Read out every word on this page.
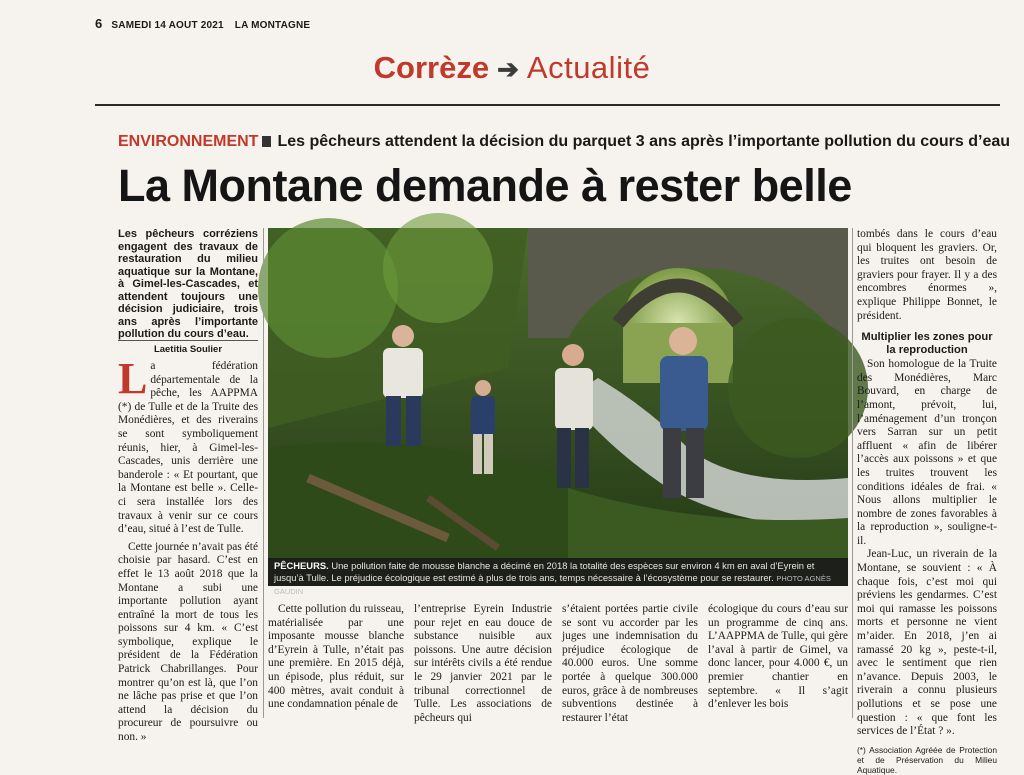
6 SAMEDI 14 AOUT 2021 LA MONTAGNE
Corrèze ➔ Actualité
ENVIRONNEMENT Les pêcheurs attendent la décision du parquet 3 ans après l’importante pollution du cours d’eau
La Montane demande à rester belle
Les pêcheurs corréziens engagent des travaux de restauration du milieu aquatique sur la Montane, à Gimel-les-Cascades, et attendent toujours une décision judiciaire, trois ans après l’importante pollution du cours d’eau.
Laetitia Soulier

La fédération départementale de la pêche, les AAPPMA (*) de Tulle et de la Truite des Monédières, et des riverains se sont symboliquement réunis, hier, à Gimel-les-Cascades, unis derrière une banderole : « Et pourtant, que la Montane est belle ». Celle-ci sera installée lors des travaux à venir sur ce cours d’eau, situé à l’est de Tulle.

Cette journée n’avait pas été choisie par hasard. C’est en effet le 13 août 2018 que la Montane a subi une importante pollution ayant entraîné la mort de tous les poissons sur 4 km. « C’est symbolique, explique le président de la Fédération Patrick Chabrillanges. Pour montrer qu’on est là, que l’on ne lâche pas prise et que l’on attend la décision du procureur de poursuivre ou non. »

PÊCHEURS. Une pollution faite de mousse blanche a décimé en 2018 la totalité des espèces sur environ 4 km en aval d’Eyrein et jusqu’à Tulle. Le préjudice écologique est estimé à plus de trois ans, temps nécessaire à l’écosystème pour se restaurer. PHOTO AGNÈS GAUDIN

Cette pollution du ruisseau, matérialisée par une imposante mousse blanche d’Eyrein à Tulle, n’était pas une première. En 2015 déjà, un épisode, plus réduit, sur 400 mètres, avait conduit à une condamnation pénale de

l’entreprise Eyrein Industrie pour rejet en eau douce de substance nuisible aux poissons. Une autre décision sur intérêts civils a été rendue le 29 janvier 2021 par le tribunal correctionnel de Tulle. Les associations de pêcheurs qui

s’étaient portées partie civile se sont vu accorder par les juges une indemnisation du préjudice écologique de 40.000 euros. Une somme portée à quelque 300.000 euros, grâce à de nombreuses subventions destinée à restaurer l’état

écologique du cours d’eau sur un programme de cinq ans. L’AAPPMA de Tulle, qui gère l’aval à partir de Gimel, va donc lancer, pour 4.000 €, un premier chantier en septembre. « Il s’agit d’enlever les bois

tombés dans le cours d’eau qui bloquent les graviers. Or, les truites ont besoin de graviers pour frayer. Il y a des encombres énormes », explique Philippe Bonnet, le président.

Multiplier les zones pour la reproduction

Son homologue de la Truite des Monédières, Marc Bouvard, en charge de l’amont, prévoit, lui, l’aménagement d’un tronçon vers Sarran sur un petit affluent « afin de libérer l’accès aux poissons » et que les truites trouvent les conditions idéales de frai. « Nous allons multiplier le nombre de zones favorables à la reproduction », souligne-t-il.

Jean-Luc, un riverain de la Montane, se souvient : « À chaque fois, c’est moi qui préviens les gendarmes. C’est moi qui ramasse les poissons morts et personne ne vient m’aider. En 2018, j’en ai ramassé 20 kg », peste-t-il, avec le sentiment que rien n’avance. Depuis 2003, le riverain a connu plusieurs pollutions et se pose une question : « que font les services de l’État ? ».

(*) Association Agréée de Protection et de Préservation du Milieu Aquatique.
